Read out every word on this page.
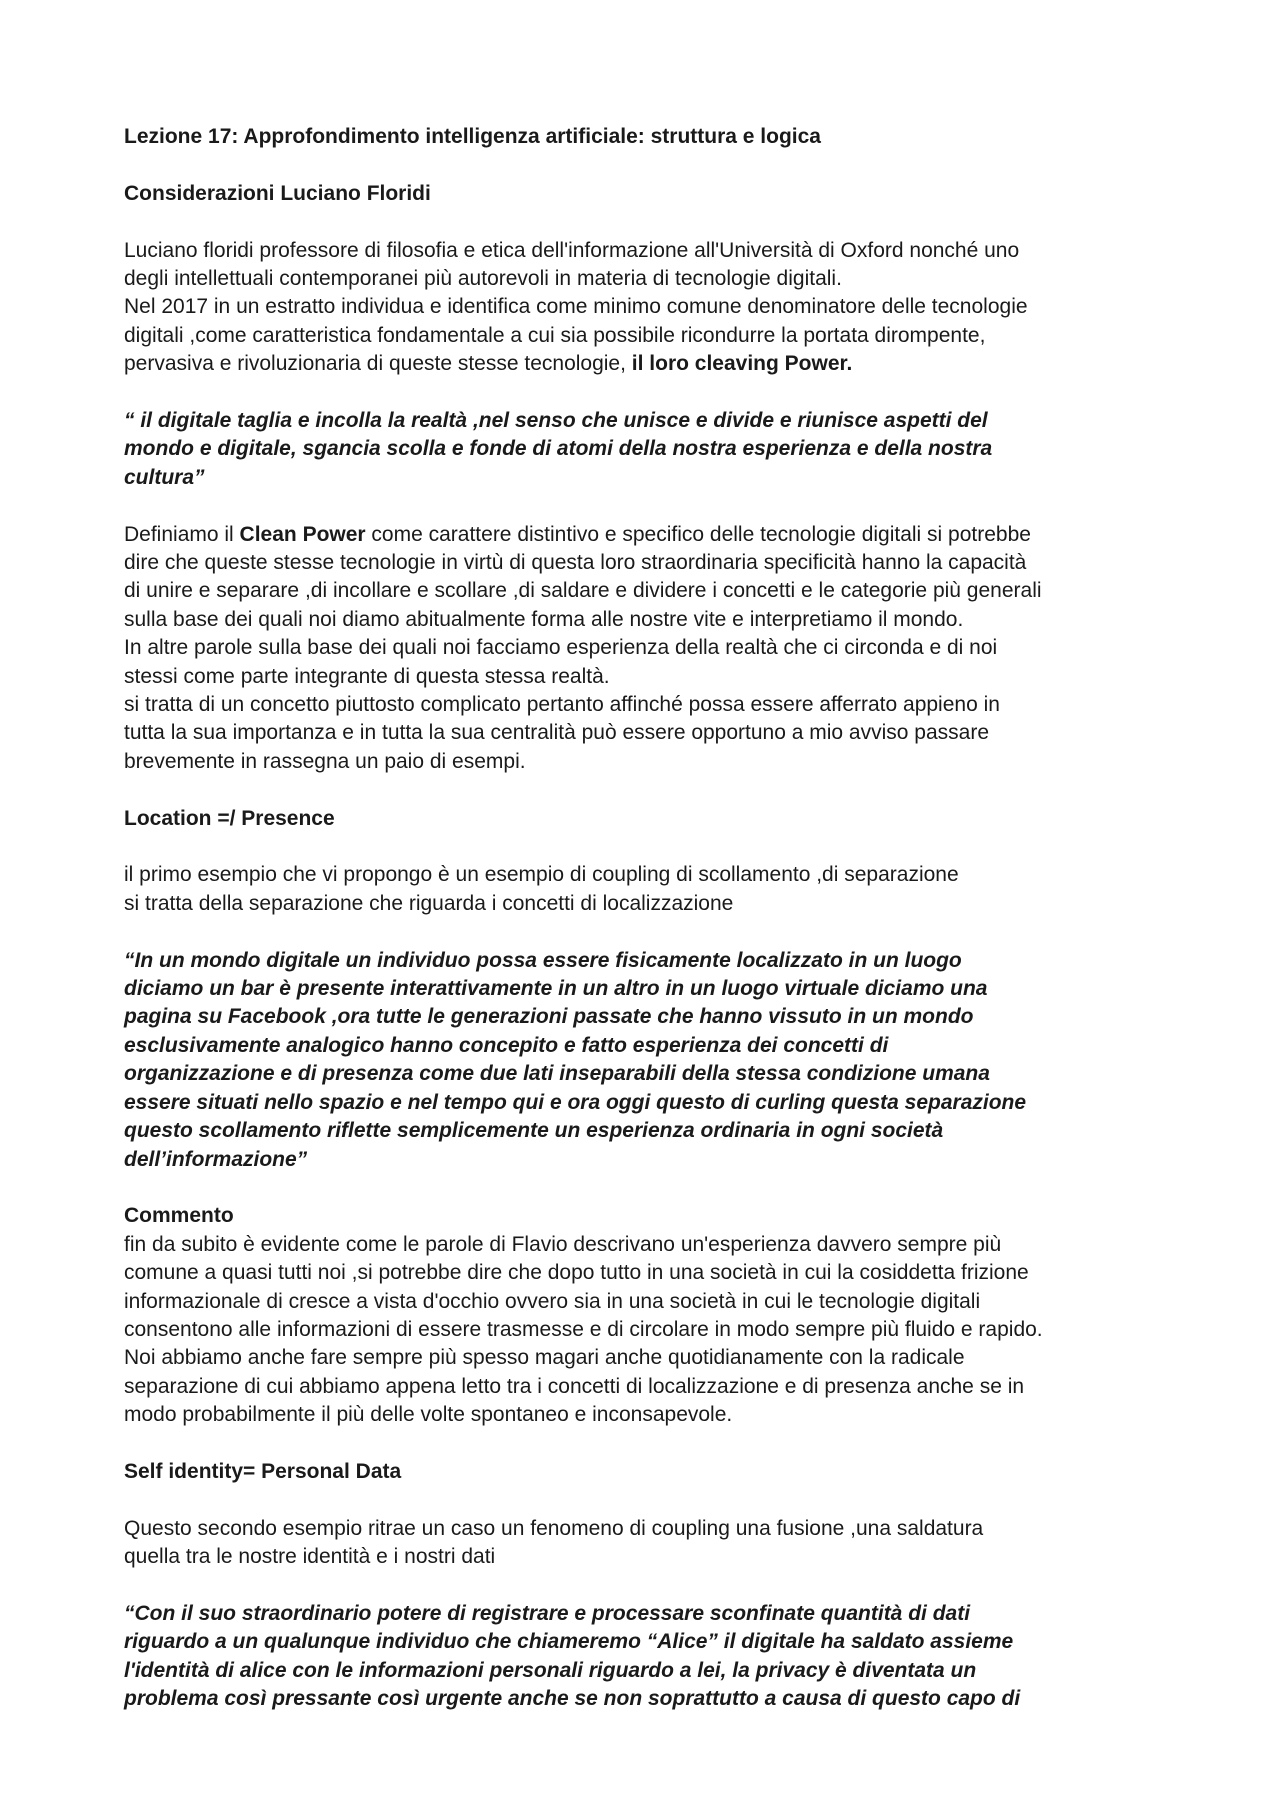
Lezione 17: Approfondimento intelligenza artificiale: struttura e logica
Considerazioni Luciano Floridi
Luciano floridi professore di filosofia e etica dell'informazione all'Università di Oxford nonché uno
degli intellettuali contemporanei più autorevoli in materia di tecnologie digitali.
Nel 2017 in un estratto individua e identifica come minimo comune denominatore delle tecnologie
digitali ,come caratteristica fondamentale a cui sia possibile ricondurre la portata dirompente,
pervasiva e rivoluzionaria di queste stesse tecnologie, il loro cleaving Power.
“ il digitale taglia e incolla la realtà ,nel senso che unisce e divide e riunisce aspetti del
mondo e digitale, sgancia scolla e fonde di atomi della nostra esperienza e della nostra
cultura”
Definiamo il Clean Power come carattere distintivo e specifico delle tecnologie digitali si potrebbe
dire che queste stesse tecnologie in virtù di questa loro straordinaria specificità hanno la capacità
di unire e separare ,di incollare e scollare ,di saldare e dividere i concetti e le categorie più generali
sulla base dei quali noi diamo abitualmente forma alle nostre vite e interpretiamo il mondo.
In altre parole sulla base dei quali noi facciamo esperienza della realtà che ci circonda e di noi
stessi come parte integrante di questa stessa realtà.
si tratta di un concetto piuttosto complicato pertanto affinché possa essere afferrato appieno in
tutta la sua importanza e in tutta la sua centralità può essere opportuno a mio avviso passare
brevemente in rassegna un paio di esempi.
Location =/ Presence
il primo esempio che vi propongo è un esempio di coupling di scollamento ,di separazione
si tratta della separazione che riguarda i concetti di localizzazione
“In un mondo digitale un individuo possa essere fisicamente localizzato in un luogo
diciamo un bar è presente interattivamente in un altro in un luogo virtuale diciamo una
pagina su Facebook ,ora tutte le generazioni passate che hanno vissuto in un mondo
esclusivamente analogico hanno concepito e fatto esperienza dei concetti di
organizzazione e di presenza come due lati inseparabili della stessa condizione umana
essere situati nello spazio e nel tempo qui e ora oggi questo di curling questa separazione
questo scollamento riflette semplicemente un esperienza ordinaria in ogni società
dell’informazione”
Commento
fin da subito è evidente come le parole di Flavio descrivano un'esperienza davvero sempre più
comune a quasi tutti noi ,si potrebbe dire che dopo tutto in una società in cui la cosiddetta frizione
informazionale di cresce a vista d'occhio ovvero sia in una società in cui le tecnologie digitali
consentono alle informazioni di essere trasmesse e di circolare in modo sempre più fluido e rapido.
Noi abbiamo anche fare sempre più spesso magari anche quotidianamente con la radicale
separazione di cui abbiamo appena letto tra i concetti di localizzazione e di presenza anche se in
modo probabilmente il più delle volte spontaneo e inconsapevole.
Self identity= Personal Data
Questo secondo esempio ritrae un caso un fenomeno di coupling una fusione ,una saldatura
quella tra le nostre identità e i nostri dati
“Con il suo straordinario potere di registrare e processare sconfinate quantità di dati
riguardo a un qualunque individuo che chiameremo “Alice” il digitale ha saldato assieme
l'identità di alice con le informazioni personali riguardo a lei, la privacy è diventata un
problema così pressante così urgente anche se non soprattutto a causa di questo capo di
